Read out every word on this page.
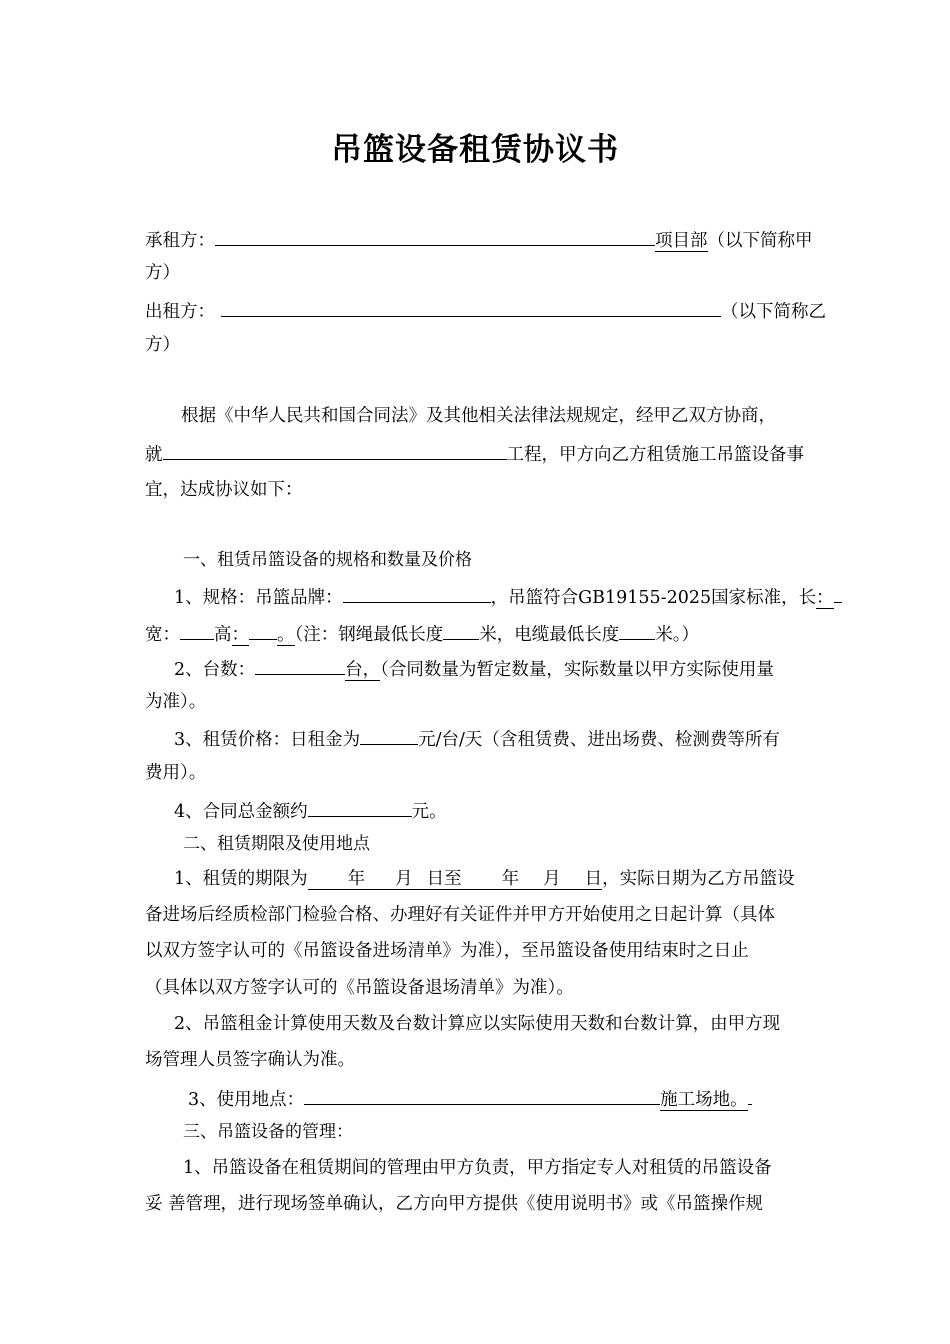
吊篮设备租赁协议书
承租方：	项目部（以下简称甲
方）
出租方：	（以下简称乙
方）
根据《中华人民共和国合同法》及其他相关法律法规规定，经甲乙双方协商，
就	工程，甲方向乙方租赁施工吊篮设备事
宜，达成协议如下：
一、租赁吊篮设备的规格和数量及价格
1、规格：吊篮品牌：	，吊篮符合GB19155-2025国家标准，长：
宽： 高： 。（注：钢绳最低长度 米，电缆最低长度 米。）
2、台数：	台，（合同数量为暂定数量，实际数量以甲方实际使用量
为准）。
3、租赁价格：日租金为	元/台/天（含租赁费、进出场费、检测费等所有
费用）。
4、合同总金额约	元。
二、租赁期限及使用地点
1、租赁的期限为 年 月 日至 年 月 日，实际日期为乙方吊篮设
备进场后经质检部门检验合格、办理好有关证件并甲方开始使用之日起计算（具体
以双方签字认可的《吊篮设备进场清单》为准），至吊篮设备使用结束时之日止
（具体以双方签字认可的《吊篮设备退场清单》为准）。
2、吊篮租金计算使用天数及台数计算应以实际使用天数和台数计算，由甲方现
场管理人员签字确认为准。
3、使用地点：	施工场地。
三、吊篮设备的管理：
1、吊篮设备在租赁期间的管理由甲方负责，甲方指定专人对租赁的吊篮设备
妥 善管理，进行现场签单确认，乙方向甲方提供《使用说明书》或《吊篮操作规
